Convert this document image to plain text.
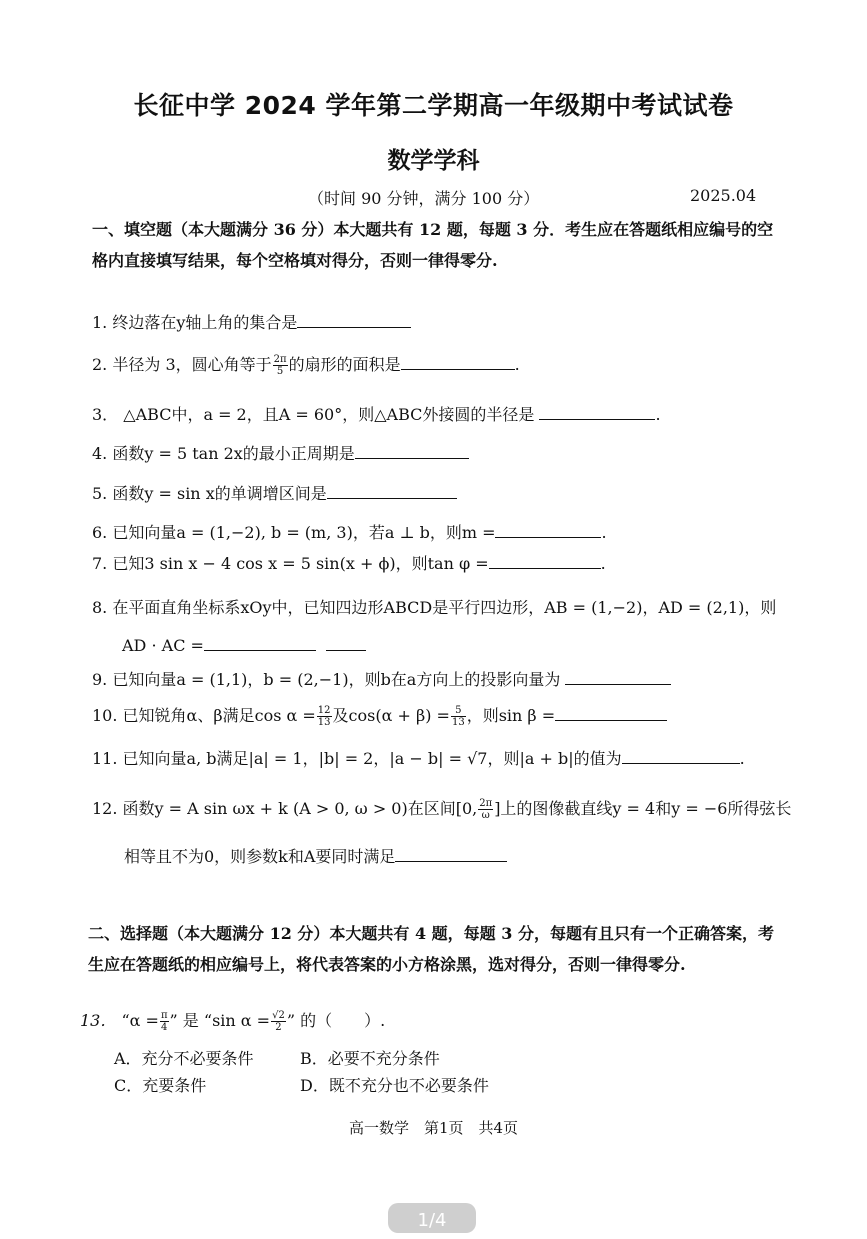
长征中学 2024 学年第二学期高一年级期中考试试卷
数学学科
（时间 90 分钟，满分 100 分）	2025.04
一、填空题（本大题满分 36 分）本大题共有 12 题，每题 3 分．考生应在答题纸相应编号的空格内直接填写结果，每个空格填对得分，否则一律得零分.
1. 终边落在y轴上角的集合是
2. 半径为 3，圆心角等于 $\frac{2\pi}{5}$ 的扇形的面积是	.
3． △ABC中，a = 2，且A = 60°，则△ABC外接圆的半径是	.
4. 函数y = 5 tan 2x的最小正周期是
5. 函数y = sin x的单调增区间是
6. 已知向量a = (1,−2), b = (m, 3)，若a ⊥ b，则m =	.
7. 已知3 sin x − 4 cos x = 5 sin(x + ϕ)，则tan φ =	.
8. 在平面直角坐标系xOy中，已知四边形ABCD是平行四边形，AB = (1,−2)，AD = (2,1)，则
AD · AC =
9. 已知向量a = (1,1)，b = (2,−1)，则b在a方向上的投影向量为
10. 已知锐角α、β满足$\cos \alpha = \frac{12}{13}$ 及$\cos(\alpha + \beta) = \frac{5}{13}$ ，则sin β =
11. 已知向量a, b满足|a| = 1，|b| = 2，|a − b| = √7，则|a + b|的值为	.
12. 函数y = A sin ωx + k (A > 0, ω > 0)在区间[0, $\frac{2\pi}{\omega}$ ]上的图像截直线y = 4和y = −6所得弦长
相等且不为0，则参数k和A要同时满足
二、选择题（本大题满分 12 分）本大题共有 4 题，每题 3 分，每题有且只有一个正确答案，考生应在答题纸的相应编号上，将代表答案的小方格涂黑，选对得分，否则一律得零分.
13． “$\alpha = \frac{\pi}{4}$ ” 是 “sin $\alpha = \frac{√2}{2}$ ” 的（　　）.
A．充分不必要条件	B．必要不充分条件
C．充要条件	D．既不充分也不必要条件
高一数学　第1页　共4页
1/4
